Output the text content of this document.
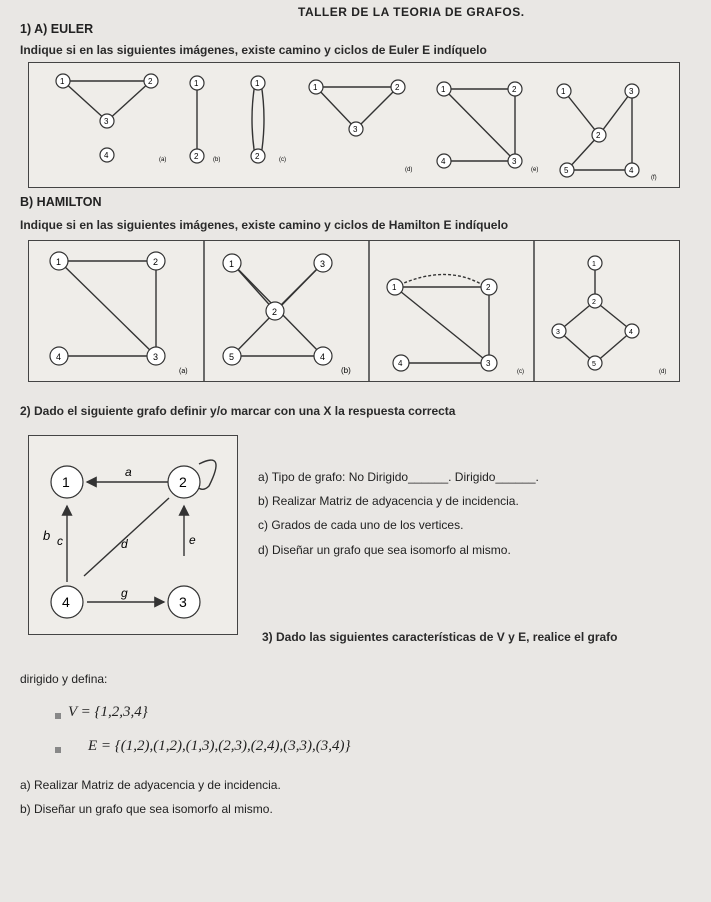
TALLER DE LA TEORIA DE GRAFOS.
1) A) EULER
Indique si en las siguientes imágenes, existe camino y ciclos de Euler E indíquelo
1	2
3
4	(a)
1
2 (b)
1
2	(c)
1	2
3
(d)
1	2
4	3
(e)
1	3
2
5	4
(f)
B) HAMILTON
Indique si en las siguientes imágenes, existe camino y ciclos de Hamilton E indíquelo
1	2
4	3
(a)
1	3
2
5	4
(b)
1	2
4	3
(c)
1
2
3	4
5
(d)
2) Dado el siguiente grafo definir y/o marcar con una X la respuesta correcta
1	2
4	3
a
b c	d	e
g
a) Tipo de grafo: No Dirigido______. Dirigido______.
b) Realizar Matriz de adyacencia y de incidencia.
c) Grados de cada uno de los vertices.
d) Diseñar un grafo que sea isomorfo al mismo.
3) Dado las siguientes características de V y E, realice el grafo
dirigido y defina:
V = {1,2,3,4}
E = {(1,2),(1,2),(1,3),(2,3),(2,4),(3,3),(3,4)}
a) Realizar Matriz de adyacencia y de incidencia.
b) Diseñar un grafo que sea isomorfo al mismo.
